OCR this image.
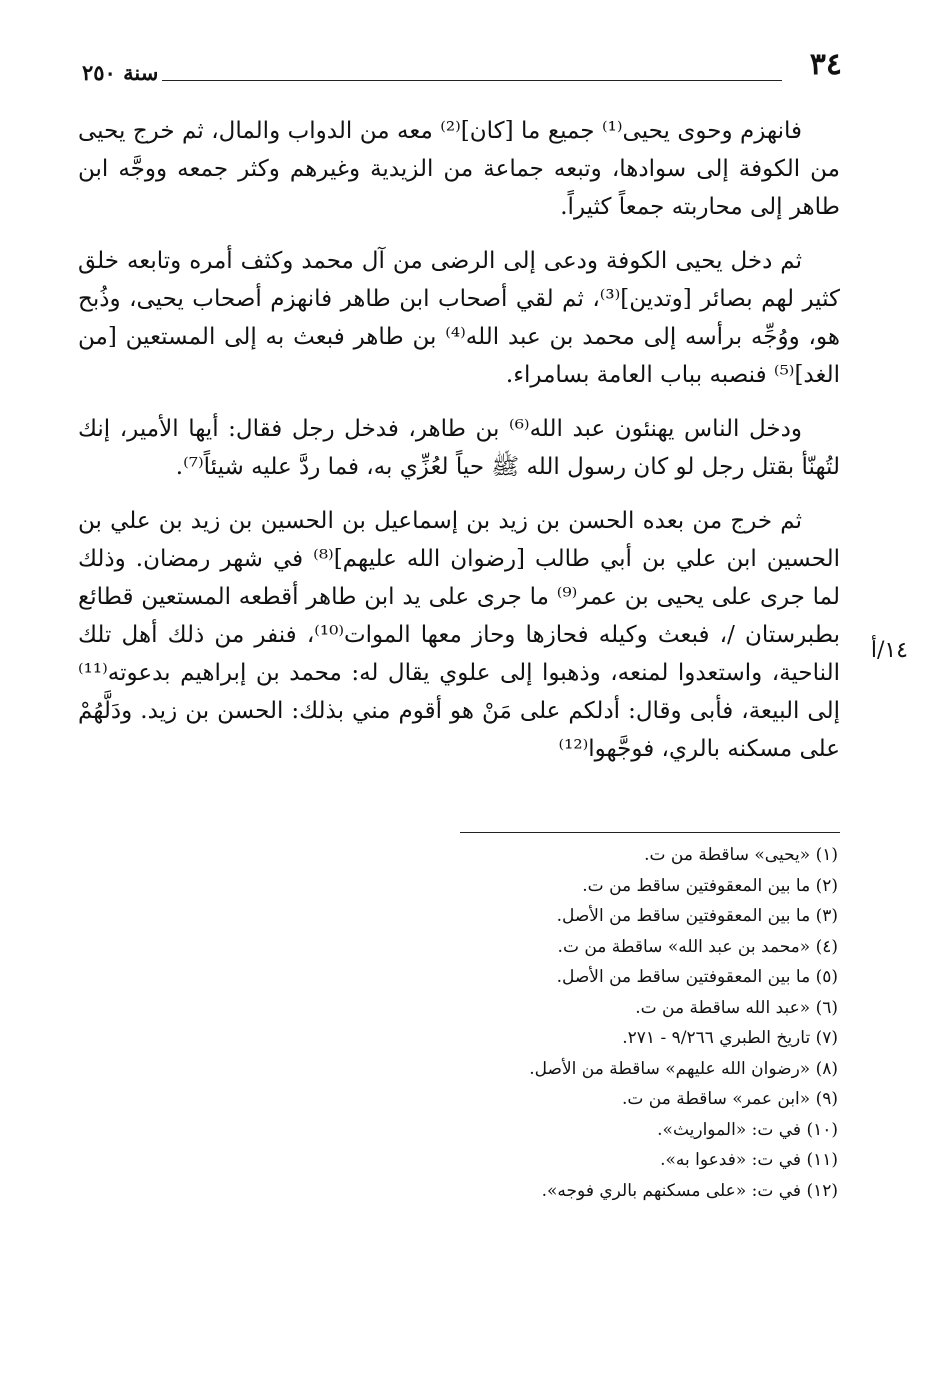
٣٤
سنة ٢٥٠

فانهزم وحوى يحيى⁽¹⁾ جميع ما [كان]⁽²⁾ معه من الدواب والمال، ثم خرج يحيى من الكوفة إلى سوادها، وتبعه جماعة من الزيدية وغيرهم وكثر جمعه ووجَّه ابن طاهر إلى محاربته جمعاً كثيراً.

ثم دخل يحيى الكوفة ودعى إلى الرضى من آل محمد وكثف أمره وتابعه خلق كثير لهم بصائر [وتدين]⁽³⁾، ثم لقي أصحاب ابن طاهر فانهزم أصحاب يحيى، وذُبح هو، ووُجِّه برأسه إلى محمد بن عبد الله⁽⁴⁾ بن طاهر فبعث به إلى المستعين [من الغد]⁽⁵⁾ فنصبه بباب العامة بسامراء.

ودخل الناس يهنئون عبد الله⁽⁶⁾ بن طاهر، فدخل رجل فقال: أيها الأمير، إنك لتُهنّأ بقتل رجل لو كان رسول الله ﷺ حياً لعُزِّي به، فما ردَّ عليه شيئاً⁽⁷⁾.

ثم خرج من بعده الحسن بن زيد بن إسماعيل بن الحسين بن زيد بن علي بن الحسين ابن علي بن أبي طالب [رضوان الله عليهم]⁽⁸⁾ في شهر رمضان. وذلك لما جرى على يحيى بن عمر⁽⁹⁾ ما جرى على يد ابن طاهر أقطعه المستعين قطائع بطبرستان /، فبعث وكيله فحازها وحاز معها الموات⁽¹⁰⁾، فنفر من ذلك أهل تلك الناحية، واستعدوا لمنعه، وذهبوا إلى علوي يقال له: محمد بن إبراهيم بدعوته⁽¹¹⁾ إلى البيعة، فأبى وقال: أدلكم على مَنْ هو أقوم مني بذلك: الحسن بن زيد. ودَلَّهُمْ على مسكنه بالري، فوجَّهوا⁽¹²⁾

١٤/أ

(١) «يحيى» ساقطة من ت.

(٢) ما بين المعقوفتين ساقط من ت.

(٣) ما بين المعقوفتين ساقط من الأصل.

(٤) «محمد بن عبد الله» ساقطة من ت.

(٥) ما بين المعقوفتين ساقط من الأصل.

(٦) «عبد الله ساقطة من ت.

(٧) تاريخ الطبري ٩/٢٦٦ - ٢٧١.

(٨) «رضوان الله عليهم» ساقطة من الأصل.

(٩) «ابن عمر» ساقطة من ت.

(١٠) في ت: «المواريث».

(١١) في ت: «فدعوا به».

(١٢) في ت: «على مسكنهم بالري فوجه».
